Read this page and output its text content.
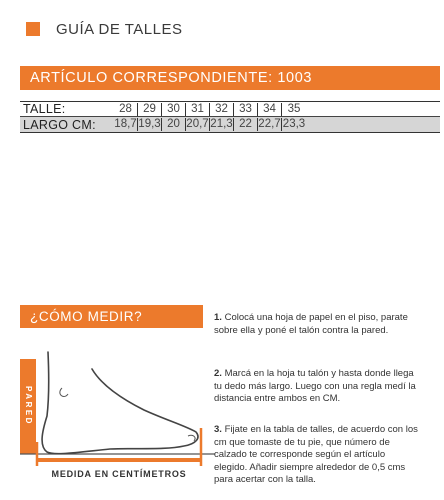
GUÍA DE TALLES
ARTÍCULO CORRESPONDIENTE: 1003
TALLE:	28 29 30 31 32 33 34	35
LARGO CM:	18,7 19,3 20 20,7 21,3 22 22,7 23,3
¿CÓMO MEDIR?
PARED
MEDIDA EN CENTÍMETROS
1. Colocá una hoja de papel en el piso, parate sobre ella y poné el talón contra la pared.
2. Marcá en la hoja tu talón y hasta donde llega tu dedo más largo. Luego con una regla medí la distancia entre ambos en CM.
3. Fijate en la tabla de talles, de acuerdo con los cm que tomaste de tu pie, que número de calzado te corresponde según el artículo elegido. Añadir siempre alrededor de 0,5 cms para acertar con la talla.
